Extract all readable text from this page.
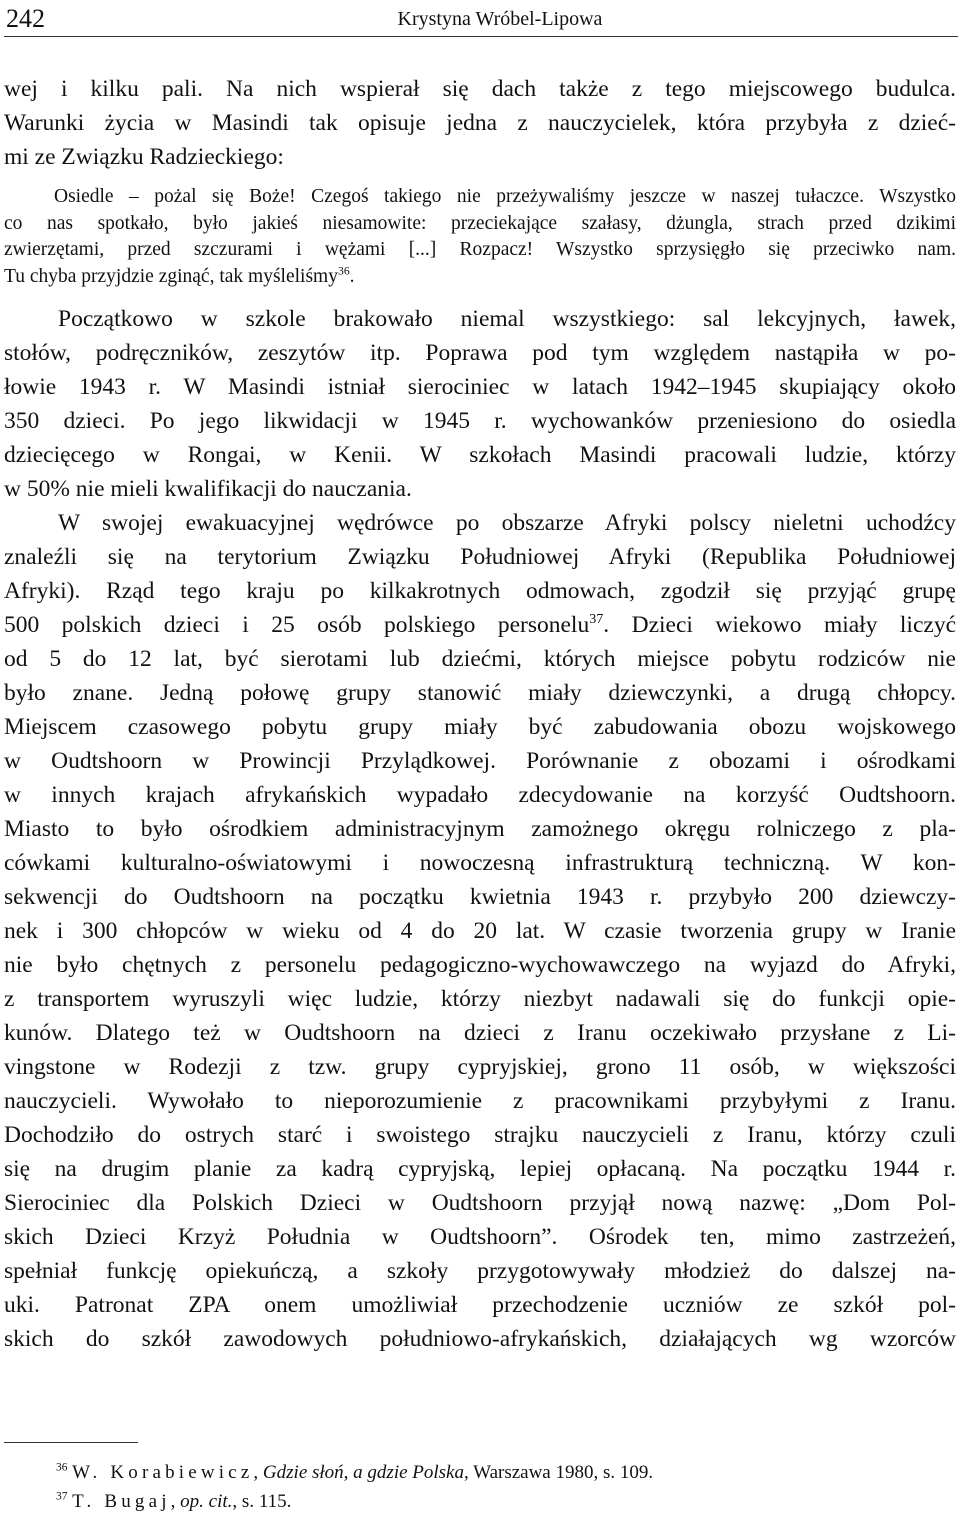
242	Krystyna Wróbel-Lipowa
wej i kilku pali. Na nich wspierał się dach także z tego miejscowego budulca.
Warunki życia w Masindi tak opisuje jedna z nauczycielek, która przybyła z dzieć-
mi ze Związku Radzieckiego:
Osiedle – pożal się Boże! Czegoś takiego nie przeżywaliśmy jeszcze w naszej tułaczce. Wszystko
co nas spotkało, było jakieś niesamowite: przeciekające szałasy, dżungla, strach przed dzikimi
zwierzętami, przed szczurami i wężami [...] Rozpacz! Wszystko sprzysięgło się przeciwko nam.
Tu chyba przyjdzie zginąć, tak myśleliśmy$^{36}$.
Początkowo w szkole brakowało niemal wszystkiego: sal lekcyjnych, ławek,
stołów, podręczników, zeszytów itp. Poprawa pod tym względem nastąpiła w po-
łowie 1943 r. W Masindi istniał sierociniec w latach 1942–1945 skupiający około
350 dzieci. Po jego likwidacji w 1945 r. wychowanków przeniesiono do osiedla
dziecięcego w Rongai, w Kenii. W szkołach Masindi pracowali ludzie, którzy
w 50% nie mieli kwalifikacji do nauczania.
W swojej ewakuacyjnej wędrówce po obszarze Afryki polscy nieletni uchodźcy
znaleźli się na terytorium Związku Południowej Afryki (Republika Południowej
Afryki). Rząd tego kraju po kilkakrotnych odmowach, zgodził się przyjąć grupę
500 polskich dzieci i 25 osób polskiego personelu$^{37}$. Dzieci wiekowo miały liczyć
od 5 do 12 lat, być sierotami lub dziećmi, których miejsce pobytu rodziców nie
było znane. Jedną połowę grupy stanowić miały dziewczynki, a drugą chłopcy.
Miejscem czasowego pobytu grupy miały być zabudowania obozu wojskowego
w Oudtshoorn w Prowincji Przylądkowej. Porównanie z obozami i ośrodkami
w innych krajach afrykańskich wypadało zdecydowanie na korzyść Oudtshoorn.
Miasto to było ośrodkiem administracyjnym zamożnego okręgu rolniczego z pla-
cówkami kulturalno-oświatowymi i nowoczesną infrastrukturą techniczną. W kon-
sekwencji do Oudtshoorn na początku kwietnia 1943 r. przybyło 200 dziewczy-
nek i 300 chłopców w wieku od 4 do 20 lat. W czasie tworzenia grupy w Iranie
nie było chętnych z personelu pedagogiczno-wychowawczego na wyjazd do Afryki,
z transportem wyruszyli więc ludzie, którzy niezbyt nadawali się do funkcji opie-
kunów. Dlatego też w Oudtshoorn na dzieci z Iranu oczekiwało przysłane z Li-
vingstone w Rodezji z tzw. grupy cypryjskiej, grono 11 osób, w większości
nauczycieli. Wywołało to nieporozumienie z pracownikami przybyłymi z Iranu.
Dochodziło do ostrych starć i swoistego strajku nauczycieli z Iranu, którzy czuli
się na drugim planie za kadrą cypryjską, lepiej opłacaną. Na początku 1944 r.
Sierociniec dla Polskich Dzieci w Oudtshoorn przyjął nową nazwę: „Dom Pol-
skich Dzieci Krzyż Południa w Oudtshoorn”. Ośrodek ten, mimo zastrzeżeń,
spełniał funkcję opiekuńczą, a szkoły przygotowywały młodzież do dalszej na-
uki. Patronat ZPA onem umożliwiał przechodzenie uczniów ze szkół pol-
skich do szkół zawodowych południowo-afrykańskich, działających wg wzorców
$^{36}$ W. Korabiewicz, Gdzie słoń, a gdzie Polska, Warszawa 1980, s. 109.
$^{37}$ T. Bugaj, op. cit., s. 115.
